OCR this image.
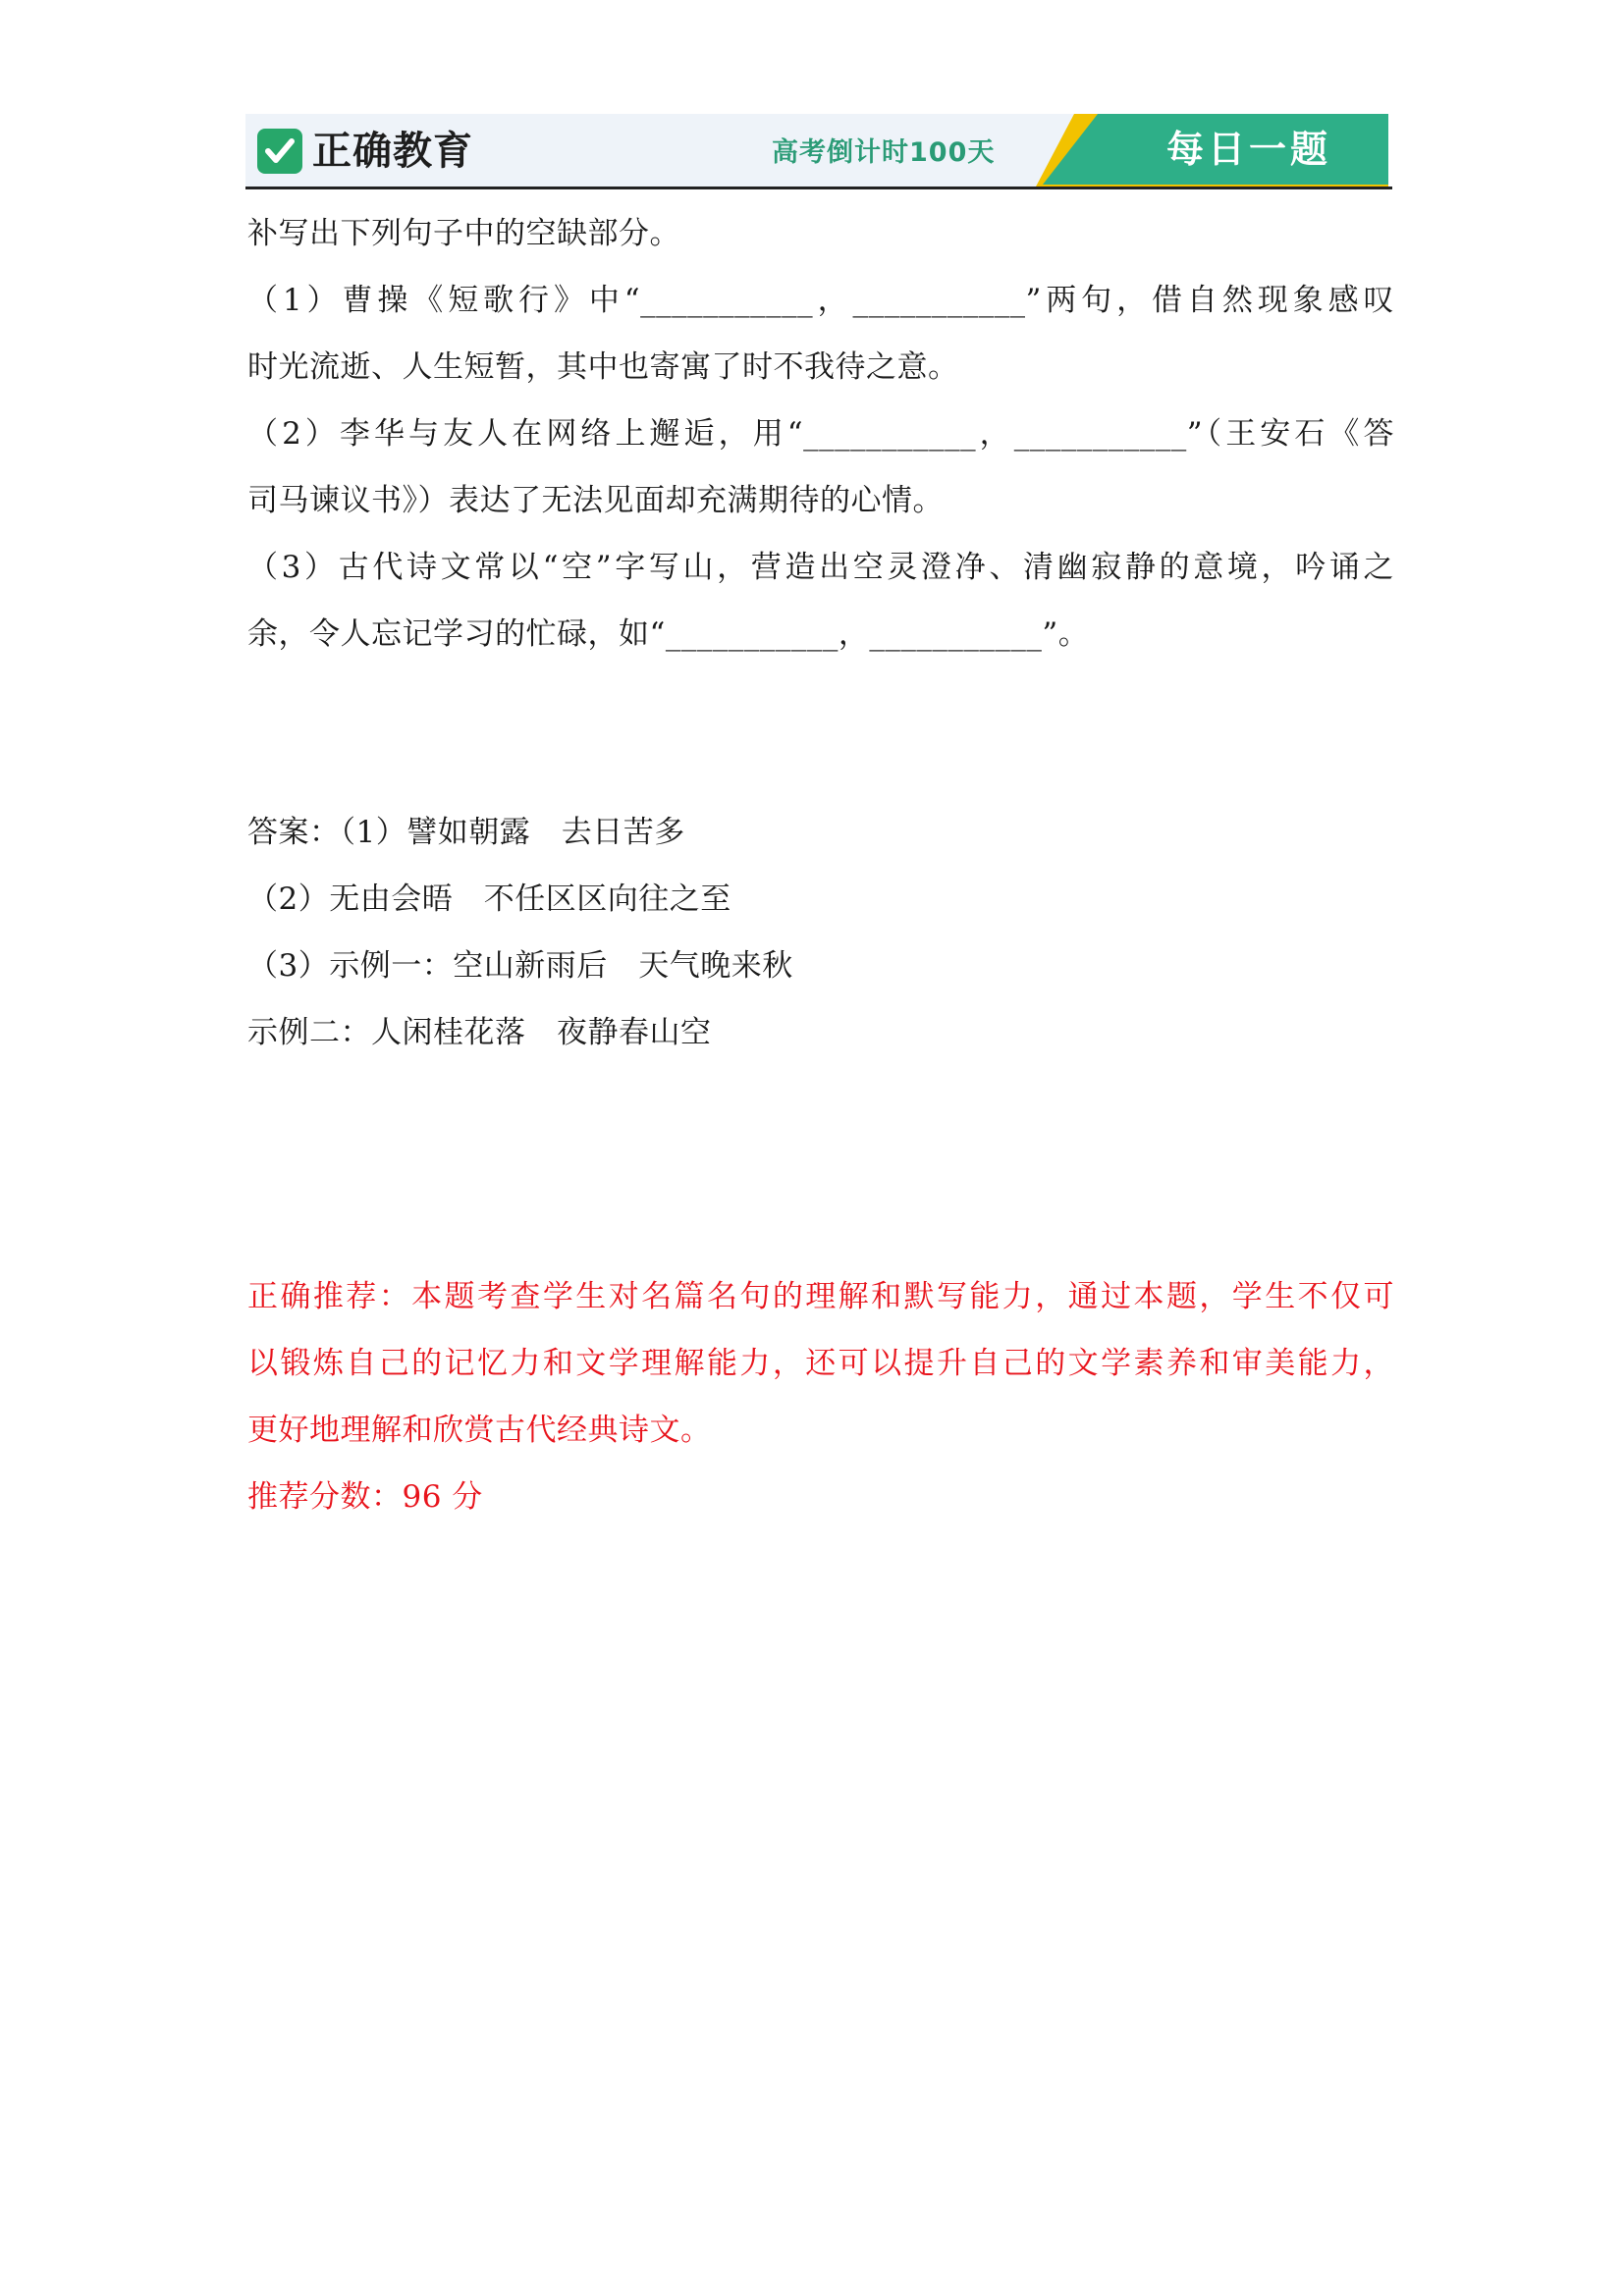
正确教育	高考倒计时100天	每日一题
补写出下列句子中的空缺部分。
（1）曹操《短歌行》中“___________，___________”两句，借自然现象感叹
时光流逝、人生短暂，其中也寄寓了时不我待之意。
（2）李华与友人在网络上邂逅，用“___________，___________”（王安石《答
司马谏议书》）表达了无法见面却充满期待的心情。
（3）古代诗文常以“空”字写山，营造出空灵澄净、清幽寂静的意境，吟诵之
余，令人忘记学习的忙碌，如“___________，___________”。
答案：（1）譬如朝露　去日苦多
（2）无由会晤　不任区区向往之至
（3）示例一：空山新雨后　天气晚来秋
示例二：人闲桂花落　夜静春山空
正确推荐：本题考查学生对名篇名句的理解和默写能力，通过本题，学生不仅可
以锻炼自己的记忆力和文学理解能力，还可以提升自己的文学素养和审美能力，
更好地理解和欣赏古代经典诗文。
推荐分数：96 分
